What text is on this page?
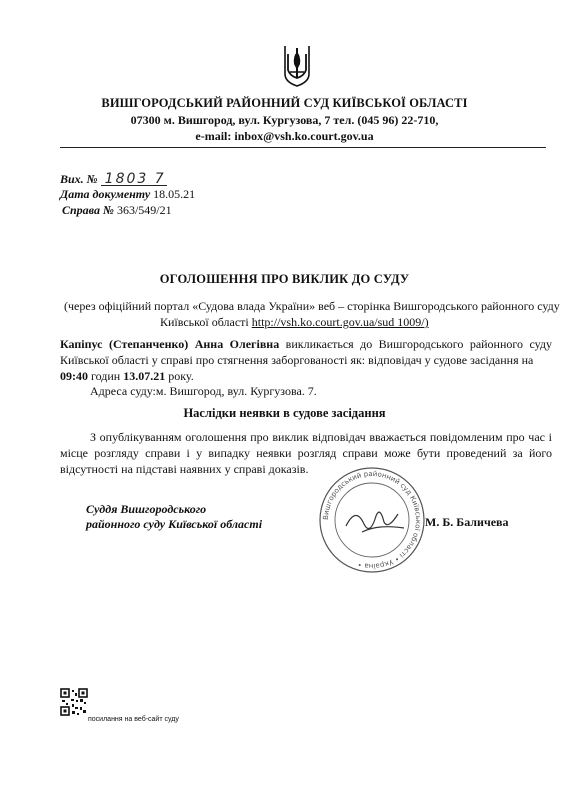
ВИШГОРОДСЬКИЙ РАЙОННИЙ СУД КИЇВСЬКОЇ ОБЛАСТІ
07300 м. Вишгород, вул. Кургузова, 7 тел. (045 96) 22-710,
e-mail: inbox@vsh.ko.court.gov.ua
Вих. № 1803 7
Дата документу 18.05.21
Справа № 363/549/21
ОГОЛОШЕННЯ ПРО ВИКЛИК ДО СУДУ
(через офіційний портал «Судова влада України» веб – сторінка Вишгородського районного суду
Київської області http://vsh.ko.court.gov.ua/sud 1009/)
Капіпус (Степанченко) Анна Олегівна викликається до Вишгородського районного суду
Київської області у справі про стягнення заборгованості як: відповідач у судове засідання на
09:40 годин 13.07.21 року.
Адреса суду:м. Вишгород, вул. Кургузова. 7.
Наслідки неявки в судове засідання
З опублікуванням оголошення про виклик відповідач вважається повідомленим про час і
місце розгляду справи і у випадку неявки розгляд справи може бути проведений за його
відсутності на підставі наявних у справі доказів.
Суддя Вишгородського
районного суду Київської області	Вишгородський районний суд Київської області • Україна •
М. Б. Баличева
посилання на веб-сайт суду
